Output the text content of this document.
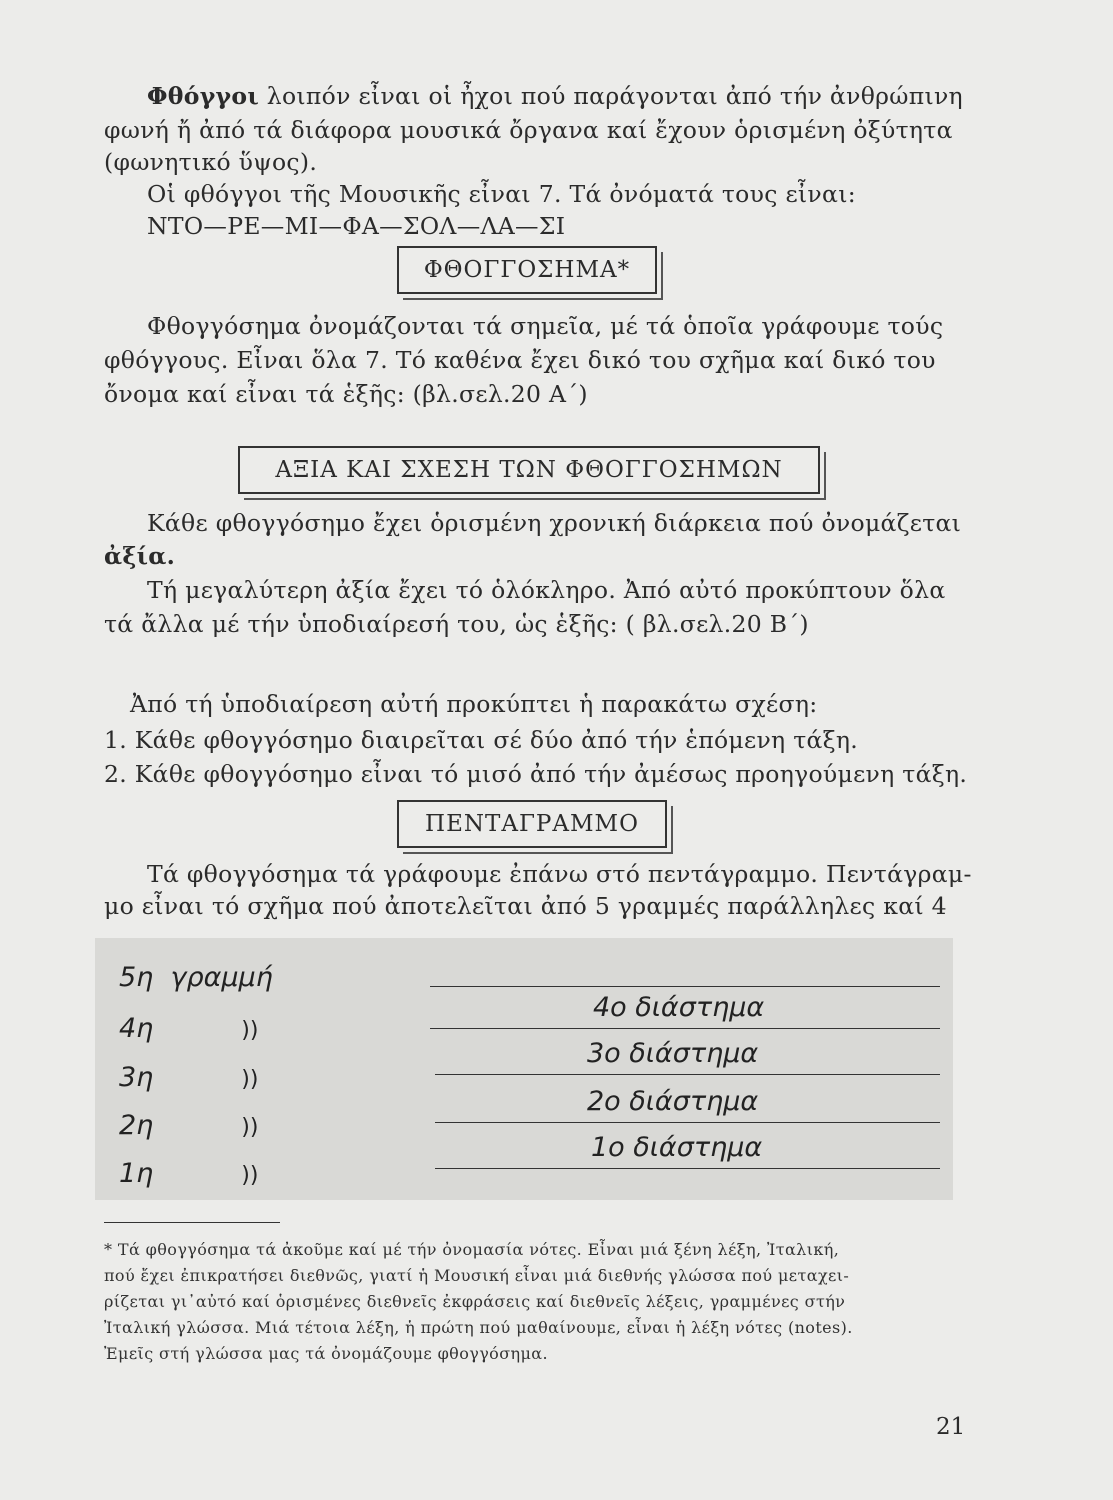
Φθόγγοι λοιπόν εἶναι οἱ ἦχοι πού παράγονται ἀπό τήν ἀνθρώπινη
φωνή ἤ ἀπό τά διάφορα μουσικά ὄργανα καί ἔχουν ὁρισμένη ὀξύτητα
(φωνητικό ὕψος).
Οἱ φθόγγοι τῆς Μουσικῆς εἶναι 7. Τά ὀνόματά τους εἶναι:
ΝΤΟ—ΡΕ—ΜΙ—ΦΑ—ΣΟΛ—ΛΑ—ΣΙ
ΦΘΟΓΓΟΣΗΜΑ*
Φθογγόσημα ὀνομάζονται τά σημεῖα, μέ τά ὁποῖα γράφουμε τούς
φθόγγους. Εἶναι ὅλα 7. Τό καθένα ἔχει δικό του σχῆμα καί δικό του
ὄνομα καί εἶναι τά ἑξῆς: (βλ.σελ.20 Α΄)
ΑΞΙΑ ΚΑΙ ΣΧΕΣΗ ΤΩΝ ΦΘΟΓΓΟΣΗΜΩΝ
Κάθε φθογγόσημο ἔχει ὁρισμένη χρονική διάρκεια πού ὀνομάζεται
ἀξία.
Τή μεγαλύτερη ἀξία ἔχει τό ὁλόκληρο. Ἀπό αὐτό προκύπτουν ὅλα
τά ἄλλα μέ τήν ὑποδιαίρεσή του, ὡς ἑξῆς: ( βλ.σελ.20 Β΄)
Ἀπό τή ὑποδιαίρεση αὐτή προκύπτει ἡ παρακάτω σχέση:
1. Κάθε φθογγόσημο διαιρεῖται σέ δύο ἀπό τήν ἑπόμενη τάξη.
2. Κάθε φθογγόσημο εἶναι τό μισό ἀπό τήν ἀμέσως προηγούμενη τάξη.
ΠΕΝΤΑΓΡΑΜΜΟ
Τά φθογγόσημα τά γράφουμε ἐπάνω στό πεντάγραμμο. Πεντάγραμ-
μο εἶναι τό σχῆμα πού ἀποτελεῖται ἀπό 5 γραμμές παράλληλες καί 4
5η γραμμή
4η	))
3η	))
2η	))
1η	))
4ο διάστημα
3ο διάστημα
2ο διάστημα
1ο διάστημα
* Τά φθογγόσημα τά ἀκοῦμε καί μέ τήν ὀνομασία νότες. Εἶναι μιά ξένη λέξη, Ἰταλική,
πού ἔχει ἐπικρατήσει διεθνῶς, γιατί ἡ Μουσική εἶναι μιά διεθνής γλώσσα πού μεταχει-
ρίζεται γι᾽αὐτό καί ὁρισμένες διεθνεῖς ἐκφράσεις καί διεθνεῖς λέξεις, γραμμένες στήν
Ἰταλική γλώσσα. Μιά τέτοια λέξη, ἡ πρώτη πού μαθαίνουμε, εἶναι ἡ λέξη νότες (notes).
Ἐμεῖς στή γλώσσα μας τά ὀνομάζουμε φθογγόσημα.
21
